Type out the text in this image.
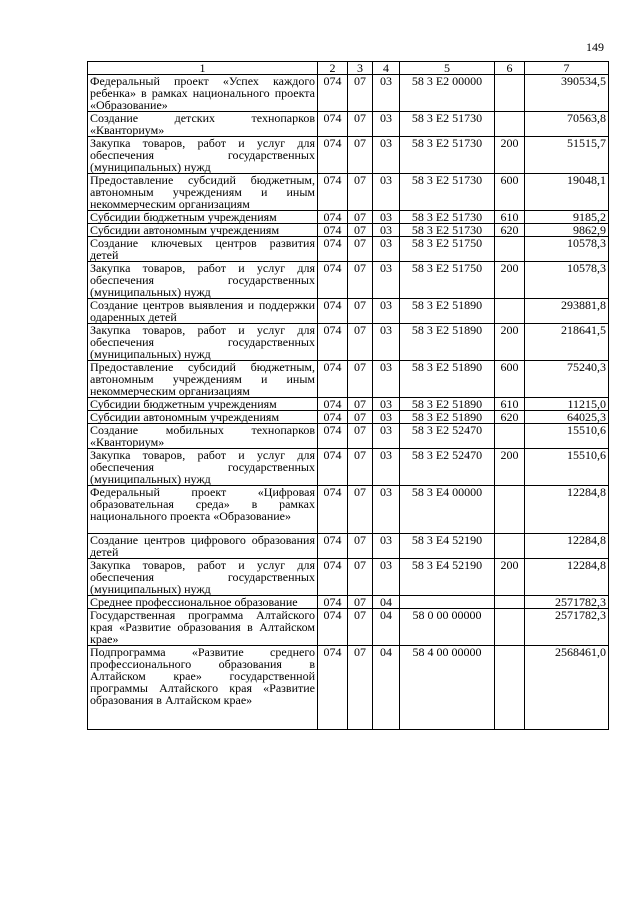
149
1	2	3	4	5	6	7
Федеральный проект «Успех каждого ребенка» в рамках национального проекта «Образование»	074	07	03	58 3 E2 00000		390534,5
Создание детских технопарков «Кванториум»	074	07	03	58 3 E2 51730		70563,8
Закупка товаров, работ и услуг для обеспечения государственных (муниципальных) нужд	074	07	03	58 3 E2 51730	200	51515,7
Предоставление субсидий бюджетным, автономным учреждениям и иным некоммерческим организациям	074	07	03	58 3 E2 51730	600	19048,1
Субсидии бюджетным учреждениям	074	07	03	58 3 E2 51730	610	9185,2
Субсидии автономным учреждениям	074	07	03	58 3 E2 51730	620	9862,9
Создание ключевых центров развития детей	074	07	03	58 3 E2 51750		10578,3
Закупка товаров, работ и услуг для обеспечения государственных (муниципальных) нужд	074	07	03	58 3 E2 51750	200	10578,3
Создание центров выявления и поддержки одаренных детей	074	07	03	58 3 E2 51890		293881,8
Закупка товаров, работ и услуг для обеспечения государственных (муниципальных) нужд	074	07	03	58 3 E2 51890	200	218641,5
Предоставление субсидий бюджетным, автономным учреждениям и иным некоммерческим организациям	074	07	03	58 3 E2 51890	600	75240,3
Субсидии бюджетным учреждениям	074	07	03	58 3 E2 51890	610	11215,0
Субсидии автономным учреждениям	074	07	03	58 3 E2 51890	620	64025,3
Создание мобильных технопарков «Кванториум»	074	07	03	58 3 E2 52470		15510,6
Закупка товаров, работ и услуг для обеспечения государственных (муниципальных) нужд	074	07	03	58 3 E2 52470	200	15510,6
Федеральный проект «Цифровая образовательная среда» в рамках национального проекта «Образование»	074	07	03	58 3 E4 00000		12284,8
Создание центров цифрового образования детей	074	07	03	58 3 E4 52190		12284,8
Закупка товаров, работ и услуг для обеспечения государственных (муниципальных) нужд	074	07	03	58 3 E4 52190	200	12284,8
Среднее профессиональное образование	074	07	04			2571782,3
Государственная программа Алтайского края «Развитие образования в Алтайском крае»	074	07	04	58 0 00 00000		2571782,3
Подпрограмма «Развитие среднего профессионального образования в Алтайском крае» государственной программы Алтайского края «Развитие образования в Алтайском крае»	074	07	04	58 4 00 00000		2568461,0
